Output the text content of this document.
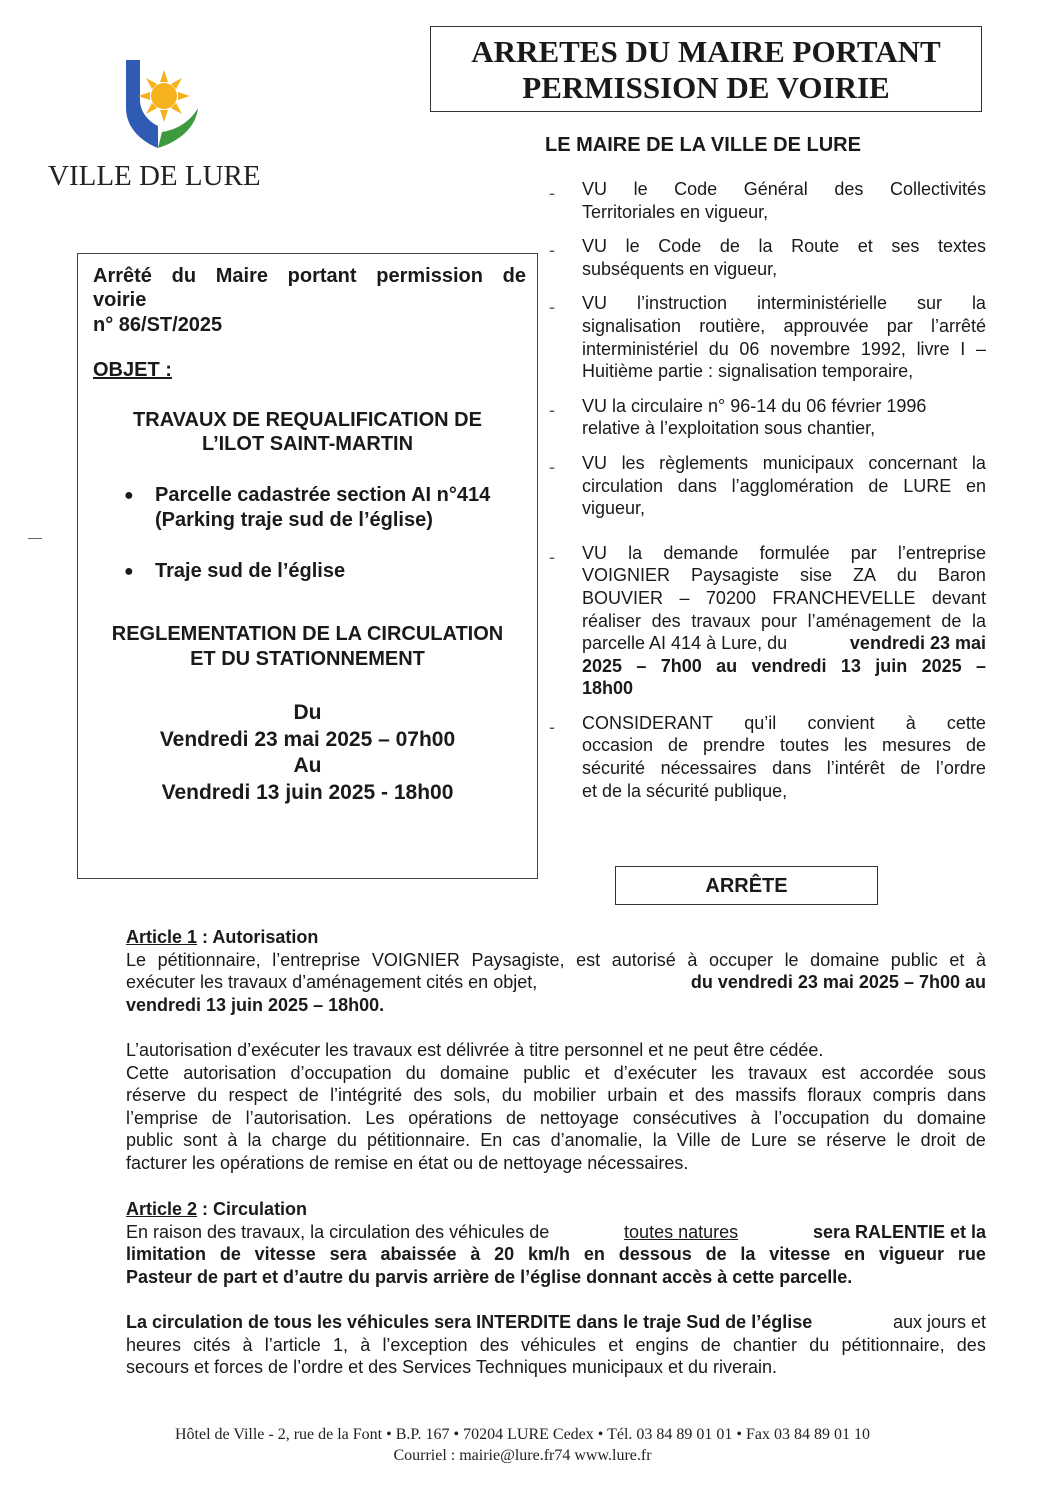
VILLE DE LURE
ARRETES DU MAIRE PORTANT
PERMISSION DE VOIRIE
LE MAIRE DE LA VILLE DE LURE
Arrêté du Maire portant permission de
voirie
n° 86/ST/2025
OBJET :
TRAVAUX DE REQUALIFICATION DE
L’ILOT SAINT-MARTIN
● Parcelle cadastrée section AI n°414
(Parking traje sud de l’église)
● Traje sud de l’église
REGLEMENTATION DE LA CIRCULATION
ET DU STATIONNEMENT
Du
Vendredi 23 mai 2025 – 07h00
Au
Vendredi 13 juin 2025 - 18h00
- VU le Code Général des Collectivités
Territoriales en vigueur,
- VU le Code de la Route et ses textes
subséquents en vigueur,
- VU l’instruction interministérielle sur la
signalisation routière, approuvée par l’arrêté
interministériel du 06 novembre 1992, livre I –
Huitième partie : signalisation temporaire,
- VU la circulaire n° 96-14 du 06 février 1996
relative à l’exploitation sous chantier,
- VU les règlements municipaux concernant la
circulation dans l’agglomération de LURE en
vigueur,
- VU la demande formulée par l’entreprise
VOIGNIER Paysagiste sise ZA du Baron
BOUVIER – 70200 FRANCHEVELLE devant
réaliser des travaux pour l’aménagement de la
parcelle AI 414 à Lure, du	vendredi 23 mai
2025 – 7h00 au vendredi 13 juin 2025 –
18h00
- CONSIDERANT qu’il convient à cette
occasion de prendre toutes les mesures de
sécurité nécessaires dans l’intérêt de l’ordre
et de la sécurité publique,
ARRÊTE
Article 1 : Autorisation
Le pétitionnaire, l’entreprise VOIGNIER Paysagiste, est autorisé à occuper le domaine public et à
exécuter les travaux d’aménagement cités en objet,	du vendredi 23 mai 2025 – 7h00 au
vendredi 13 juin 2025 – 18h00.
L’autorisation d’exécuter les travaux est délivrée à titre personnel et ne peut être cédée.
Cette autorisation d’occupation du domaine public et d’exécuter les travaux est accordée sous
réserve du respect de l’intégrité des sols, du mobilier urbain et des massifs floraux compris dans
l’emprise de l’autorisation. Les opérations de nettoyage consécutives à l’occupation du domaine
public sont à la charge du pétitionnaire. En cas d’anomalie, la Ville de Lure se réserve le droit de
facturer les opérations de remise en état ou de nettoyage nécessaires.
Article 2 : Circulation
En raison des travaux, la circulation des véhicules de	toutes natures	sera RALENTIE et la
limitation de vitesse sera abaissée à 20 km/h en dessous de la vitesse en vigueur rue
Pasteur de part et d’autre du parvis arrière de l’église donnant accès à cette parcelle.
La circulation de tous les véhicules sera INTERDITE dans le traje Sud de l’église	aux jours et
heures cités à l’article 1, à l’exception des véhicules et engins de chantier du pétitionnaire, des
secours et forces de l’ordre et des Services Techniques municipaux et du riverain.
Hôtel de Ville - 2, rue de la Font • B.P. 167 • 70204 LURE Cedex • Tél. 03 84 89 01 01 • Fax 03 84 89 01 10
Courriel : mairie@lure.fr74 www.lure.fr
